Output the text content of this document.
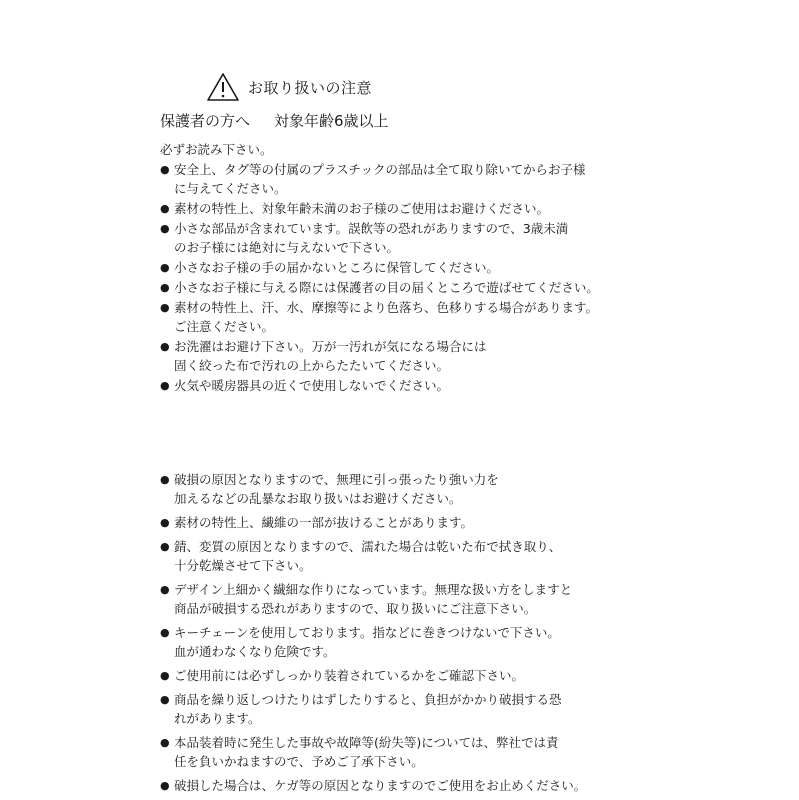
お取り扱いの注意
保護者の方へ 対象年齢6歳以上
必ずお読み下さい。
● 安全上、タグ等の付属のプラスチックの部品は全て取り除いてからお子様
に与えてください。
● 素材の特性上、対象年齢未満のお子様のご使用はお避けください。
● 小さな部品が含まれています。誤飲等の恐れがありますので、3歳未満
のお子様には絶対に与えないで下さい。
● 小さなお子様の手の届かないところに保管してください。
● 小さなお子様に与える際には保護者の目の届くところで遊ばせてください。
● 素材の特性上、汗、水、摩擦等により色落ち、色移りする場合があります。
ご注意ください。
● お洗濯はお避け下さい。万が一汚れが気になる場合には
固く絞った布で汚れの上からたたいてください。
● 火気や暖房器具の近くで使用しないでください。
● 破損の原因となりますので、無理に引っ張ったり強い力を
加えるなどの乱暴なお取り扱いはお避けください。
● 素材の特性上、繊維の一部が抜けることがあります。
● 錆、変質の原因となりますので、濡れた場合は乾いた布で拭き取り、
十分乾燥させて下さい。
● デザイン上細かく繊細な作りになっています。無理な扱い方をしますと
商品が破損する恐れがありますので、取り扱いにご注意下さい。
● キーチェーンを使用しております。指などに巻きつけないで下さい。
血が通わなくなり危険です。
● ご使用前には必ずしっかり装着されているかをご確認下さい。
● 商品を繰り返しつけたりはずしたりすると、負担がかかり破損する恐
れがあります。
● 本品装着時に発生した事故や故障等(紛失等)については、弊社では責
任を負いかねますので、予めご了承下さい。
● 破損した場合は、ケガ等の原因となりますのでご使用をお止めください。
